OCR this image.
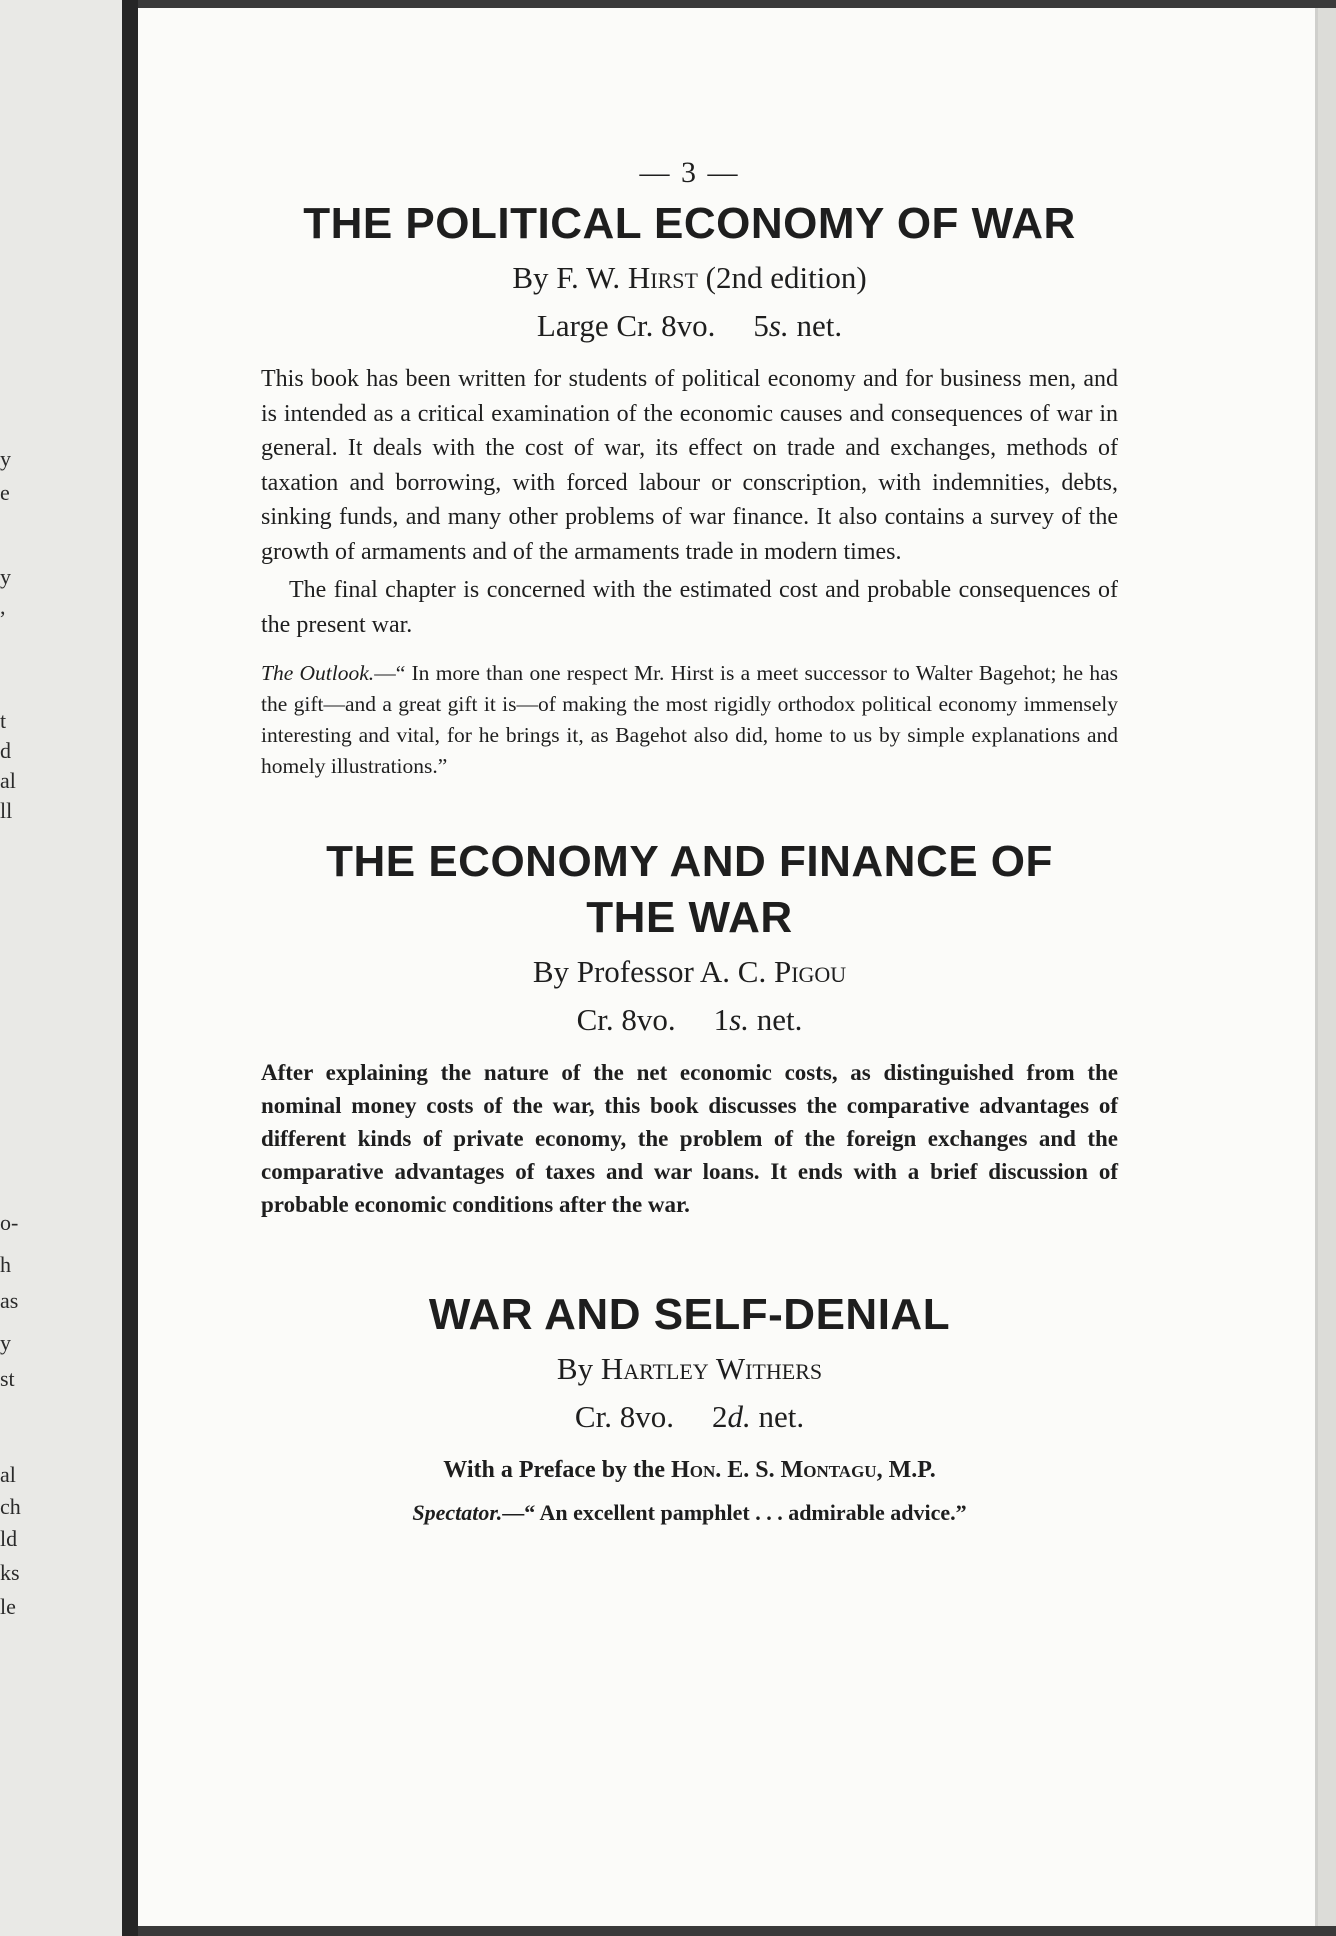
y
e
y
,
t
d
al
ll
o-
h
as
y
st
al
ch
ld
ks
le
— 3 —
THE POLITICAL ECONOMY OF WAR
By F. W. Hirst (2nd edition)
Large Cr. 8vo. 5s. net.

This book has been written for students of political economy and for business men, and is intended as a critical examination of the economic causes and consequences of war in general. It deals with the cost of war, its effect on trade and exchanges, methods of taxation and borrowing, with forced labour or conscription, with indemnities, debts, sinking funds, and many other problems of war finance. It also contains a survey of the growth of armaments and of the armaments trade in modern times.

The final chapter is concerned with the estimated cost and probable consequences of the present war.

The Outlook.—“ In more than one respect Mr. Hirst is a meet successor to Walter Bagehot; he has the gift—and a great gift it is—of making the most rigidly orthodox political economy immensely interesting and vital, for he brings it, as Bagehot also did, home to us by simple explanations and homely illustrations.”

THE ECONOMY AND FINANCE OF
THE WAR
By Professor A. C. Pigou
Cr. 8vo. 1s. net.

After explaining the nature of the net economic costs, as distinguished from the nominal money costs of the war, this book discusses the comparative advantages of different kinds of private economy, the problem of the foreign exchanges and the comparative advantages of taxes and war loans. It ends with a brief discussion of probable economic conditions after the war.

WAR AND SELF-DENIAL
By Hartley Withers
Cr. 8vo. 2d. net.

With a Preface by the Hon. E. S. Montagu, M.P.

Spectator.—“ An excellent pamphlet . . . admirable advice.”
